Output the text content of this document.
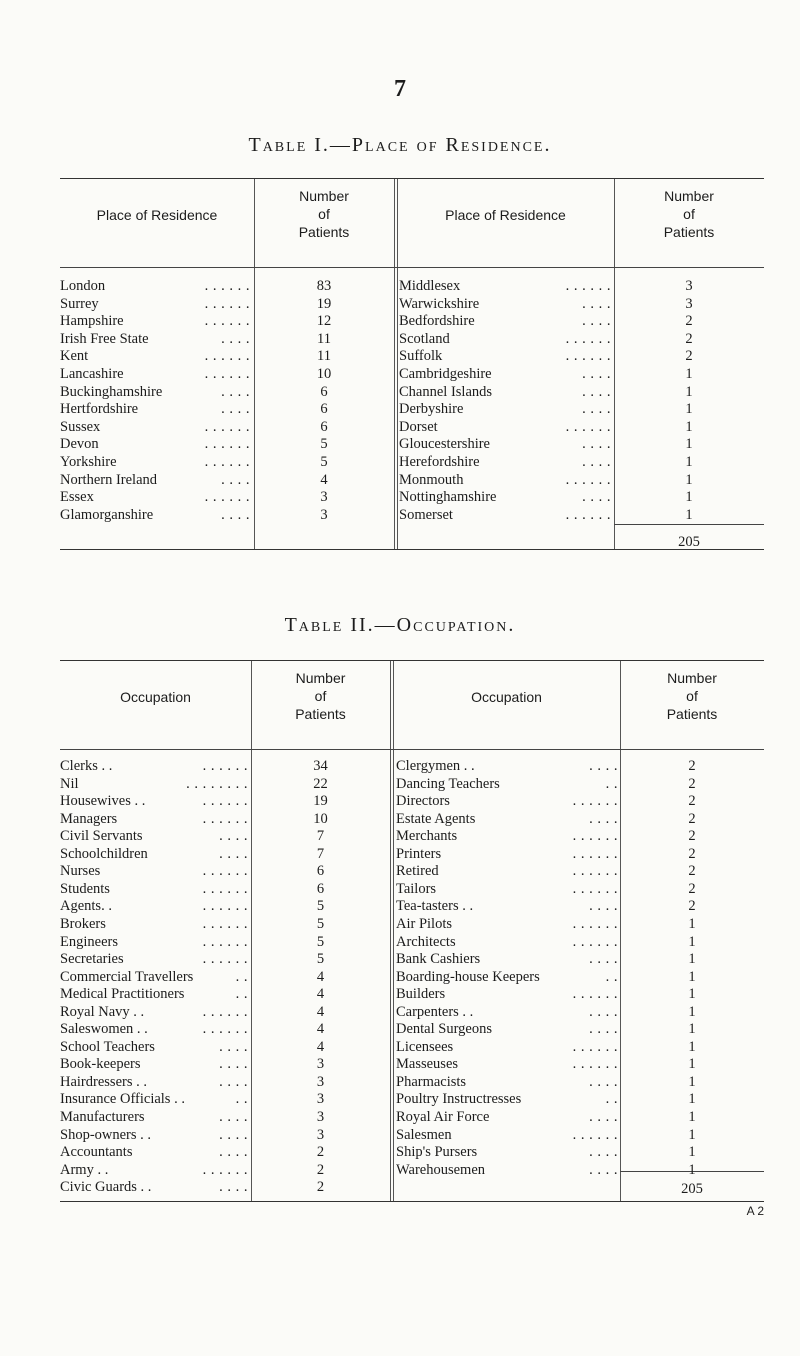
7
Table I.—Place of Residence.
Place of Residence
Number
of
Patients
Place of Residence
Number
of
Patients
London	. . . . . .	83
Surrey	. . . . . .	19
Hampshire	. . . . . .	12
Irish Free State	. . . .	11
Kent	. . . . . .	11
Lancashire	. . . . . .	10
Buckinghamshire	. . . .	6
Hertfordshire	. . . .	6
Sussex	. . . . . .	6
Devon	. . . . . .	5
Yorkshire	. . . . . .	5
Northern Ireland	. . . .	4
Essex	. . . . . .	3
Glamorganshire	. . . .	3
Middlesex	. . . . . .	3
Warwickshire	. . . .	3
Bedfordshire	. . . .	2
Scotland	. . . . . .	2
Suffolk	. . . . . .	2
Cambridgeshire	. . . .	1
Channel Islands	. . . .	1
Derbyshire	. . . .	1
Dorset	. . . . . .	1
Gloucestershire	. . . .	1
Herefordshire	. . . .	1
Monmouth	. . . . . .	1
Nottinghamshire	. . . .	1
Somerset	. . . . . .	1
205
Table II.—Occupation.
Occupation
Number
of
Patients
Occupation
Number
of
Patients
Clerks . .	. . . . . .	34
Nil	. . . . . . . .	22
Housewives . .	. . . . . .	19
Managers	. . . . . .	10
Civil Servants	. . . .	7
Schoolchildren	. . . .	7
Nurses	. . . . . .	6
Students	. . . . . .	6
Agents. .	. . . . . .	5
Brokers	. . . . . .	5
Engineers	. . . . . .	5
Secretaries	. . . . . .	5
Commercial Travellers	. .	4
Medical Practitioners	. .	4
Royal Navy . .	. . . . . .	4
Saleswomen . .	. . . . . .	4
School Teachers	. . . .	4
Book-keepers	. . . .	3
Hairdressers . .	. . . .	3
Insurance Officials . .	. .	3
Manufacturers	. . . .	3
Shop-owners . .	. . . .	3
Accountants	. . . .	2
Army . .	. . . . . .	2
Civic Guards . .	. . . .	2
Clergymen . .	. . . .	2
Dancing Teachers	. .	2
Directors	. . . . . .	2
Estate Agents	. . . .	2
Merchants	. . . . . .	2
Printers	. . . . . .	2
Retired	. . . . . .	2
Tailors	. . . . . .	2
Tea-tasters . .	. . . .	2
Air Pilots	. . . . . .	1
Architects	. . . . . .	1
Bank Cashiers	. . . .	1
Boarding-house Keepers	. .	1
Builders	. . . . . .	1
Carpenters . .	. . . .	1
Dental Surgeons	. . . .	1
Licensees	. . . . . .	1
Masseuses	. . . . . .	1
Pharmacists	. . . .	1
Poultry Instructresses	. .	1
Royal Air Force	. . . .	1
Salesmen	. . . . . .	1
Ship's Pursers	. . . .	1
Warehousemen	. . . .	1
205
A 2
